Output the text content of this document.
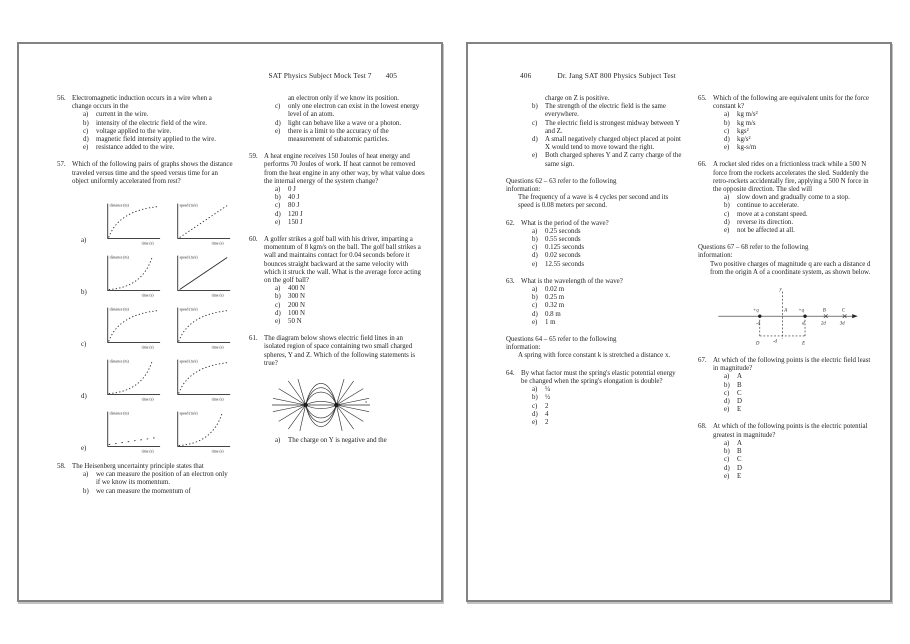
SAT Physics Subject Mock Test 7 405
56. Electromagnetic induction occurs in a wire when a change occurs in the
a)	current in the wire.
b)	intensity of the electric field of the wire.
c)	voltage applied to the wire.
d)	magnetic field intensity applied to the wire.
e)	resistance added to the wire.
57. Which of the following pairs of graphs shows the distance traveled versus time and the speed versus time for an object uniformly accelerated from rest?
a)
distance (m)
time (s)
speed (m/s)
time (s)
b)
distance (m)
time (s)
speed (m/s)
time (s)
c)
distance (m)
time (s)
speed (m/s)
time (s)
d)
distance (m)
time (s)
speed (m/s)
time (s)
e)
distance (m)
time (s)
speed (m/s)
time (s)
58. The Heisenberg uncertainty principle states that
a)	we can measure the position of an electron only if we know its momentum.
b)	we can measure the momentum of
an electron only if we know its position.
c)	only one electron can exist in the lowest energy level of an atom.
d)	light can behave like a wave or a photon.
e)	there is a limit to the accuracy of the measurement of subatomic particles.
59. A heat engine receives 150 Joules of heat energy and performs 70 Joules of work. If heat cannot be removed from the heat engine in any other way, by what value does the internal energy of the system change?
a)	0 J
b)	40 J
c)	80 J
d)	120 J
e)	150 J
60. A golfer strikes a golf ball with his driver, imparting a momentum of 8 kgm/s on the ball. The golf ball strikes a wall and maintains contact for 0.04 seconds before it bounces straight backward at the same velocity with which it struck the wall. What is the average force acting on the golf ball?
a)	400 N
b)	300 N
c)	200 N
d)	100 N
e)	50 N
61. The diagram below shows electric field lines in an isolated region of space containing two small charged spheres, Y and Z. Which of the following statements is true?
x
a)	The charge on Y is negative and the
406	Dr. Jang SAT 800 Physics Subject Test
charge on Z is positive.
b)	The strength of the electric field is the same everywhere.
c)	The electric field is strongest midway between Y and Z.
d)	A small negatively charged object placed at point X would tend to move toward the right.
e)	Both charged spheres Y and Z carry charge of the same sign.
Questions 62 – 63 refer to the following
information:
The frequency of a wave is 4 cycles per second and its speed is 0.08 meters per second.
62. What is the period of the wave?
a)	0.25 seconds
b)	0.55 seconds
c)	0.125 seconds
d)	0.02 seconds
e)	12.55 seconds
63. What is the wavelength of the wave?
a)	0.02 m
b)	0.25 m
c)	0.32 m
d)	0.8 m
e)	1 m
Questions 64 – 65 refer to the following
information:
A spring with force constant k is stretched a distance x.
64. By what factor must the spring's elastic potential energy be changed when the spring's elongation is double?
a)	¼
b)	½
c)	2
d)	4
e)	2
65. Which of the following are equivalent units for the force constant k?
a)	kg m/s²
b)	kg m/s
c)	kgs²
d)	kg/s²
e)	kg-s/m
66. A rocket sled rides on a frictionless track while a 500 N force from the rockets accelerates the sled. Suddenly the retro-rockets accidentally fire, applying a 500 N force in the opposite direction. The sled will
a)	slow down and gradually come to a stop.
b)	continue to accelerate.
c)	move at a constant speed.
d)	reverse its direction.
e)	not be affected at all.
Questions 67 – 68 refer to the following
information:
Two positive charges of magnitude q are each a distance d from the origin A of a coordinate system, as shown below.
y
+q
-d
A +q
d
B
2d
C
3d
D	-d	E
67. At which of the following points is the electric field least in magnitude?
a)	A
b)	B
c)	C
d)	D
e)	E
68. At which of the following points is the electric potential greatest in magnitude?
a)	A
b)	B
c)	C
d)	D
e)	E
